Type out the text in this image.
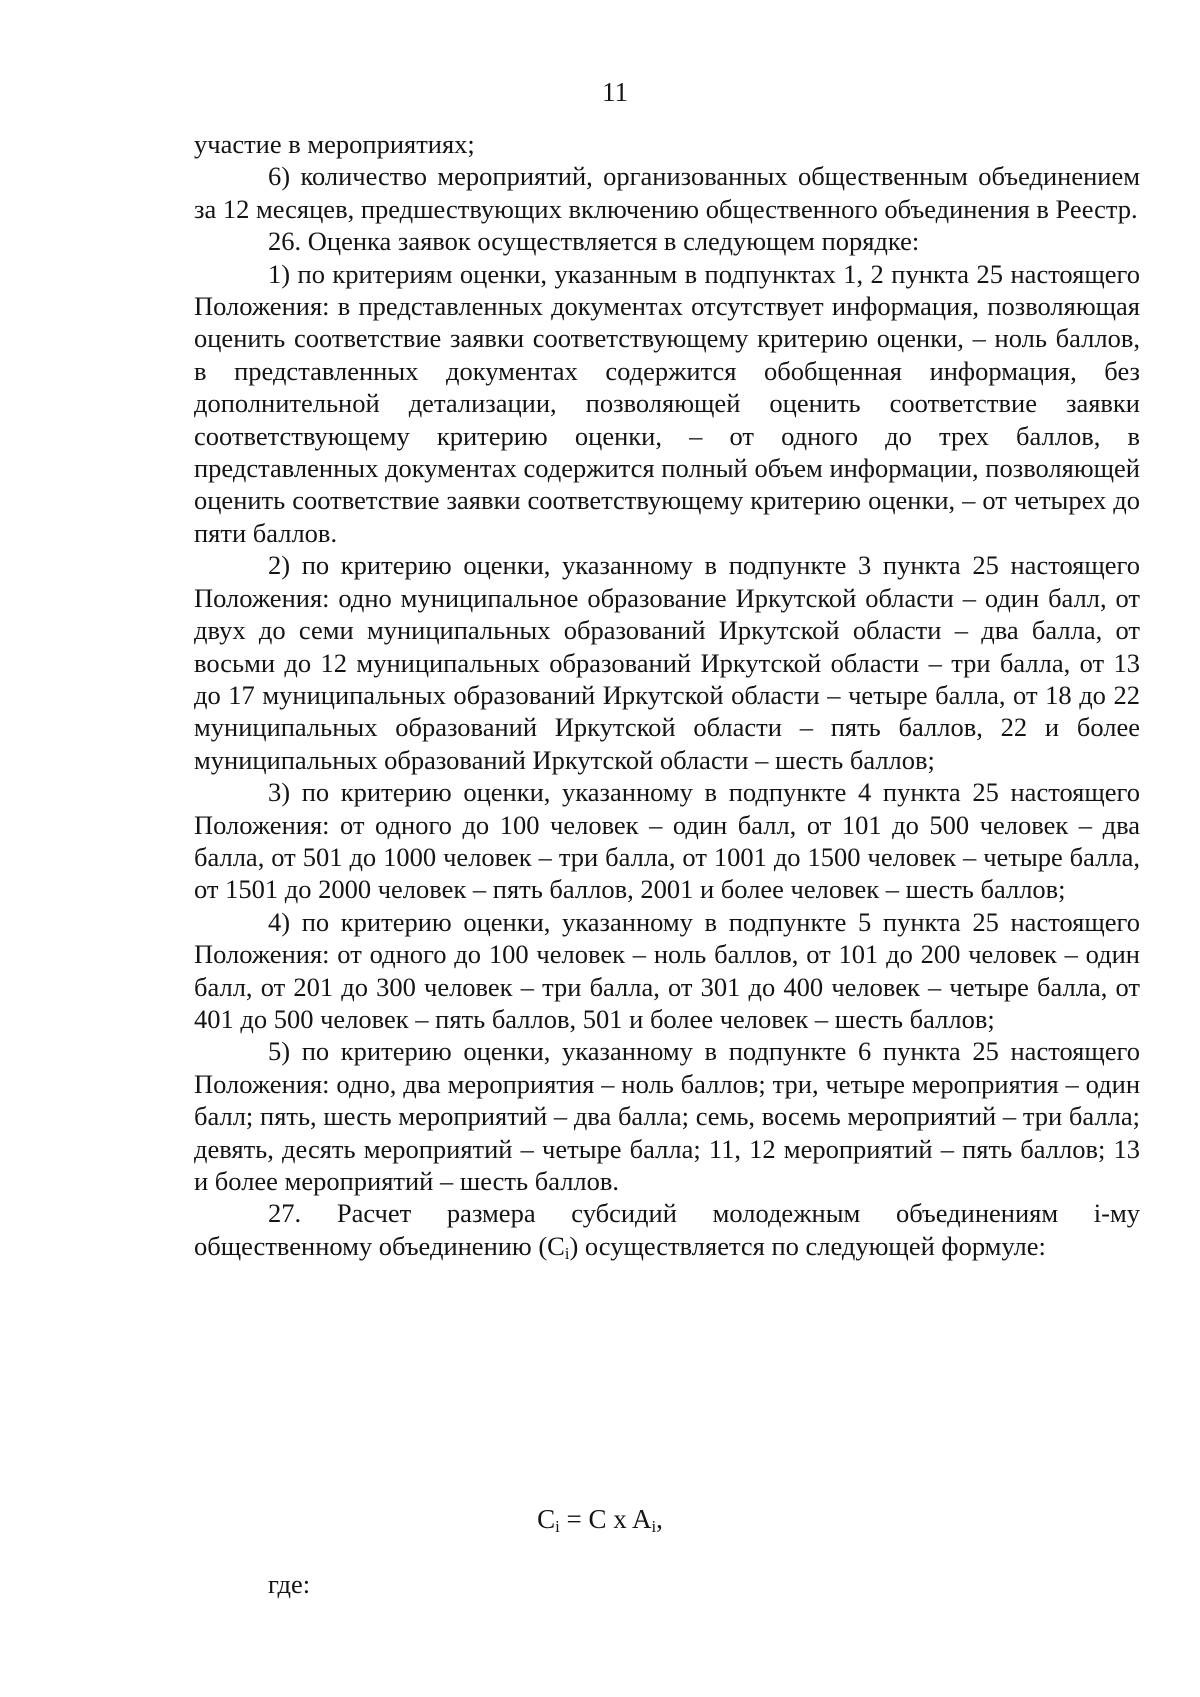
11

участие в мероприятиях;

6) количество мероприятий, организованных общественным объединением за 12 месяцев, предшествующих включению общественного объединения в Реестр.

26. Оценка заявок осуществляется в следующем порядке:

1) по критериям оценки, указанным в подпунктах 1, 2 пункта 25 настоящего Положения: в представленных документах отсутствует информация, позволяющая оценить соответствие заявки соответствующему критерию оценки, – ноль баллов, в представленных документах содержится обобщенная информация, без дополнительной детализации, позволяющей оценить соответствие заявки соответствующему критерию оценки, – от одного до трех баллов, в представленных документах содержится полный объем информации, позволяющей оценить соответствие заявки соответствующему критерию оценки, – от четырех до пяти баллов.

2) по критерию оценки, указанному в подпункте 3 пункта 25 настоящего Положения: одно муниципальное образование Иркутской области – один балл, от двух до семи муниципальных образований Иркутской области – два балла, от восьми до 12 муниципальных образований Иркутской области – три балла, от 13 до 17 муниципальных образований Иркутской области – четыре балла, от 18 до 22 муниципальных образований Иркутской области – пять баллов, 22 и более муниципальных образований Иркутской области – шесть баллов;

3) по критерию оценки, указанному в подпункте 4 пункта 25 настоящего Положения: от одного до 100 человек – один балл, от 101 до 500 человек – два балла, от 501 до 1000 человек – три балла, от 1001 до 1500 человек – четыре балла, от 1501 до 2000 человек – пять баллов, 2001 и более человек – шесть баллов;

4) по критерию оценки, указанному в подпункте 5 пункта 25 настоящего Положения: от одного до 100 человек – ноль баллов, от 101 до 200 человек – один балл, от 201 до 300 человек – три балла, от 301 до 400 человек – четыре балла, от 401 до 500 человек – пять баллов, 501 и более человек – шесть баллов;

5) по критерию оценки, указанному в подпункте 6 пункта 25 настоящего Положения: одно, два мероприятия – ноль баллов; три, четыре мероприятия – один балл; пять, шесть мероприятий – два балла; семь, восемь мероприятий – три балла; девять, десять мероприятий – четыре балла; 11, 12 мероприятий – пять баллов; 13 и более мероприятий – шесть баллов.

27. Расчет размера субсидий молодежным объединениям i-му общественному объединению $(C_i)$ осуществляется по следующей формуле:

$C_i = C$ x $A_i$,
где:
